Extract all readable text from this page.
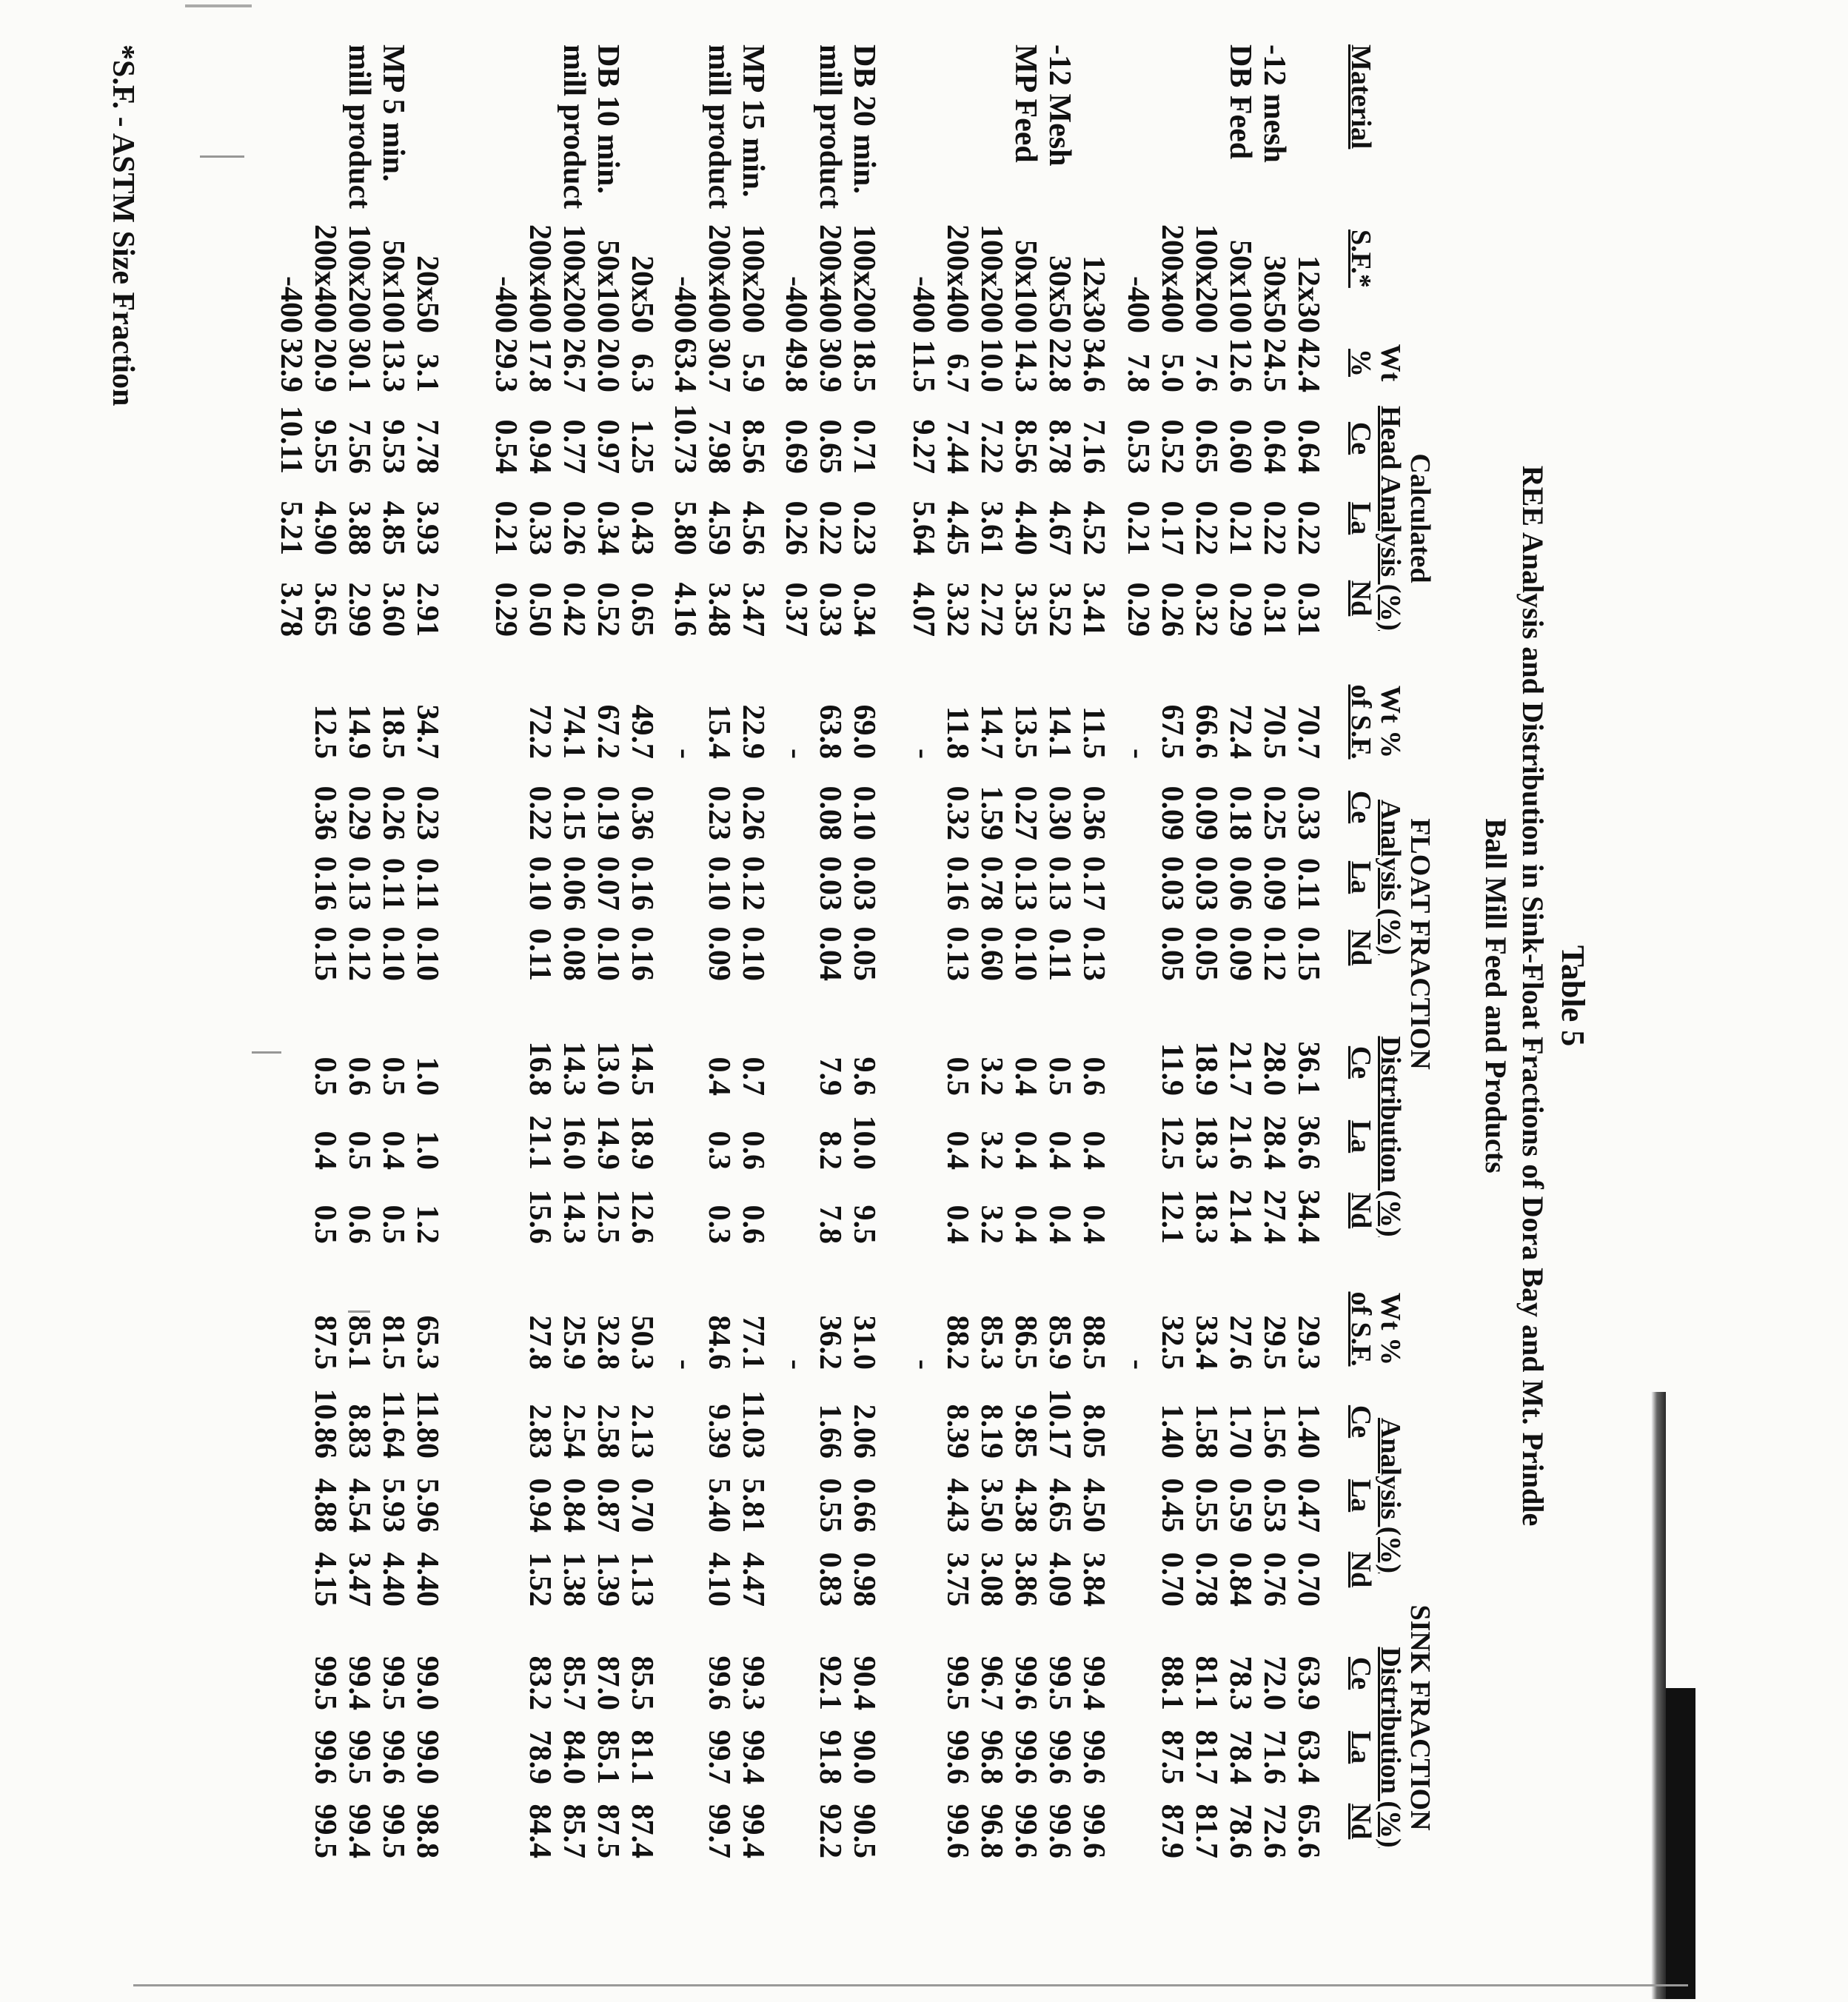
Table 5
REE Analysis and Distribution in Sink-Float Fractions of Dora Bay and Mt. Prindle
Ball Mill Feed and Products
Material
S.F.*
Wt
%
Calculated
Head Analysis (%)
Ce
La
Nd
FLOAT FRACTION
Wt %
of S.F.
Analysis (%)
Ce
La
Nd
Distribution (%)
Ce
La
Nd
SINK FRACTION
Wt %
of S.F.
Analysis (%)
Ce
La
Nd
Distribution (%)
Ce
La
Nd
-12 mesh
DB Feed
12x30
42.4
0.64
0.22
0.31
70.7
0.33
0.11
0.15
36.1
36.6
34.4
29.3
1.40
0.47
0.70
63.9
63.4
65.6
30x50
24.5
0.64
0.22
0.31
70.5
0.25
0.09
0.12
28.0
28.4
27.4
29.5
1.56
0.53
0.76
72.0
71.6
72.6
50x100
12.6
0.60
0.21
0.29
72.4
0.18
0.06
0.09
21.7
21.6
21.4
27.6
1.70
0.59
0.84
78.3
78.4
78.6
100x200
7.6
0.65
0.22
0.32
66.6
0.09
0.03
0.05
18.9
18.3
18.3
33.4
1.58
0.55
0.78
81.1
81.7
81.7
200x400
5.0
0.52
0.17
0.26
67.5
0.09
0.03
0.05
11.9
12.5
12.1
32.5
1.40
0.45
0.70
88.1
87.5
87.9
-400
7.8
0.53
0.21
0.29
-
-
-12 Mesh
MP Feed
12x30
34.6
7.16
4.52
3.41
11.5
0.36
0.17
0.13
0.6
0.4
0.4
88.5
8.05
4.50
3.84
99.4
99.6
99.6
30x50
22.8
8.78
4.67
3.52
14.1
0.30
0.13
0.11
0.5
0.4
0.4
85.9
10.17
4.65
4.09
99.5
99.6
99.6
50x100
14.3
8.56
4.40
3.35
13.5
0.27
0.13
0.10
0.4
0.4
0.4
86.5
9.85
4.38
3.86
99.6
99.6
99.6
100x200
10.0
7.22
3.61
2.72
14.7
1.59
0.78
0.60
3.2
3.2
3.2
85.3
8.19
3.50
3.08
96.7
96.8
96.8
200x400
6.7
7.44
4.45
3.32
11.8
0.32
0.16
0.13
0.5
0.4
0.4
88.2
8.39
4.43
3.75
99.5
99.6
99.6
-400
11.5
9.27
5.64
4.07
-
-
DB 20 min.
mill product
100x200
18.5
0.71
0.23
0.34
69.0
0.10
0.03
0.05
9.6
10.0
9.5
31.0
2.06
0.66
0.98
90.4
90.0
90.5
200x400
30.9
0.65
0.22
0.33
63.8
0.08
0.03
0.04
7.9
8.2
7.8
36.2
1.66
0.55
0.83
92.1
91.8
92.2
-400
49.8
0.69
0.26
0.37
-
-
MP 15 min.
mill product
100x200
5.9
8.56
4.56
3.47
22.9
0.26
0.12
0.10
0.7
0.6
0.6
77.1
11.03
5.81
4.47
99.3
99.4
99.4
200x400
30.7
7.98
4.59
3.48
15.4
0.23
0.10
0.09
0.4
0.3
0.3
84.6
9.39
5.40
4.10
99.6
99.7
99.7
-400
63.4
10.73
5.80
4.16
-
-
DB 10 min.
mill product
20x50
6.3
1.25
0.43
0.65
49.7
0.36
0.16
0.16
14.5
18.9
12.6
50.3
2.13
0.70
1.13
85.5
81.1
87.4
50x100
20.0
0.97
0.34
0.52
67.2
0.19
0.07
0.10
13.0
14.9
12.5
32.8
2.58
0.87
1.39
87.0
85.1
87.5
100x200
26.7
0.77
0.26
0.42
74.1
0.15
0.06
0.08
14.3
16.0
14.3
25.9
2.54
0.84
1.38
85.7
84.0
85.7
200x400
17.8
0.94
0.33
0.50
72.2
0.22
0.10
0.11
16.8
21.1
15.6
27.8
2.83
0.94
1.52
83.2
78.9
84.4
-400
29.3
0.54
0.21
0.29
MP 5 min.
mill product
20x50
3.1
7.78
3.93
2.91
34.7
0.23
0.11
0.10
1.0
1.0
1.2
65.3
11.80
5.96
4.40
99.0
99.0
98.8
50x100
13.3
9.53
4.85
3.60
18.5
0.26
0.11
0.10
0.5
0.4
0.5
81.5
11.64
5.93
4.40
99.5
99.6
99.5
100x200
30.1
7.56
3.88
2.99
14.9
0.29
0.13
0.12
0.6
0.5
0.6
85.1
8.83
4.54
3.47
99.4
99.5
99.4
200x400
20.9
9.55
4.90
3.65
12.5
0.36
0.16
0.15
0.5
0.4
0.5
87.5
10.86
4.88
4.15
99.5
99.6
99.5
-400
32.9
10.11
5.21
3.78
*S.F. - ASTM Size Fraction
